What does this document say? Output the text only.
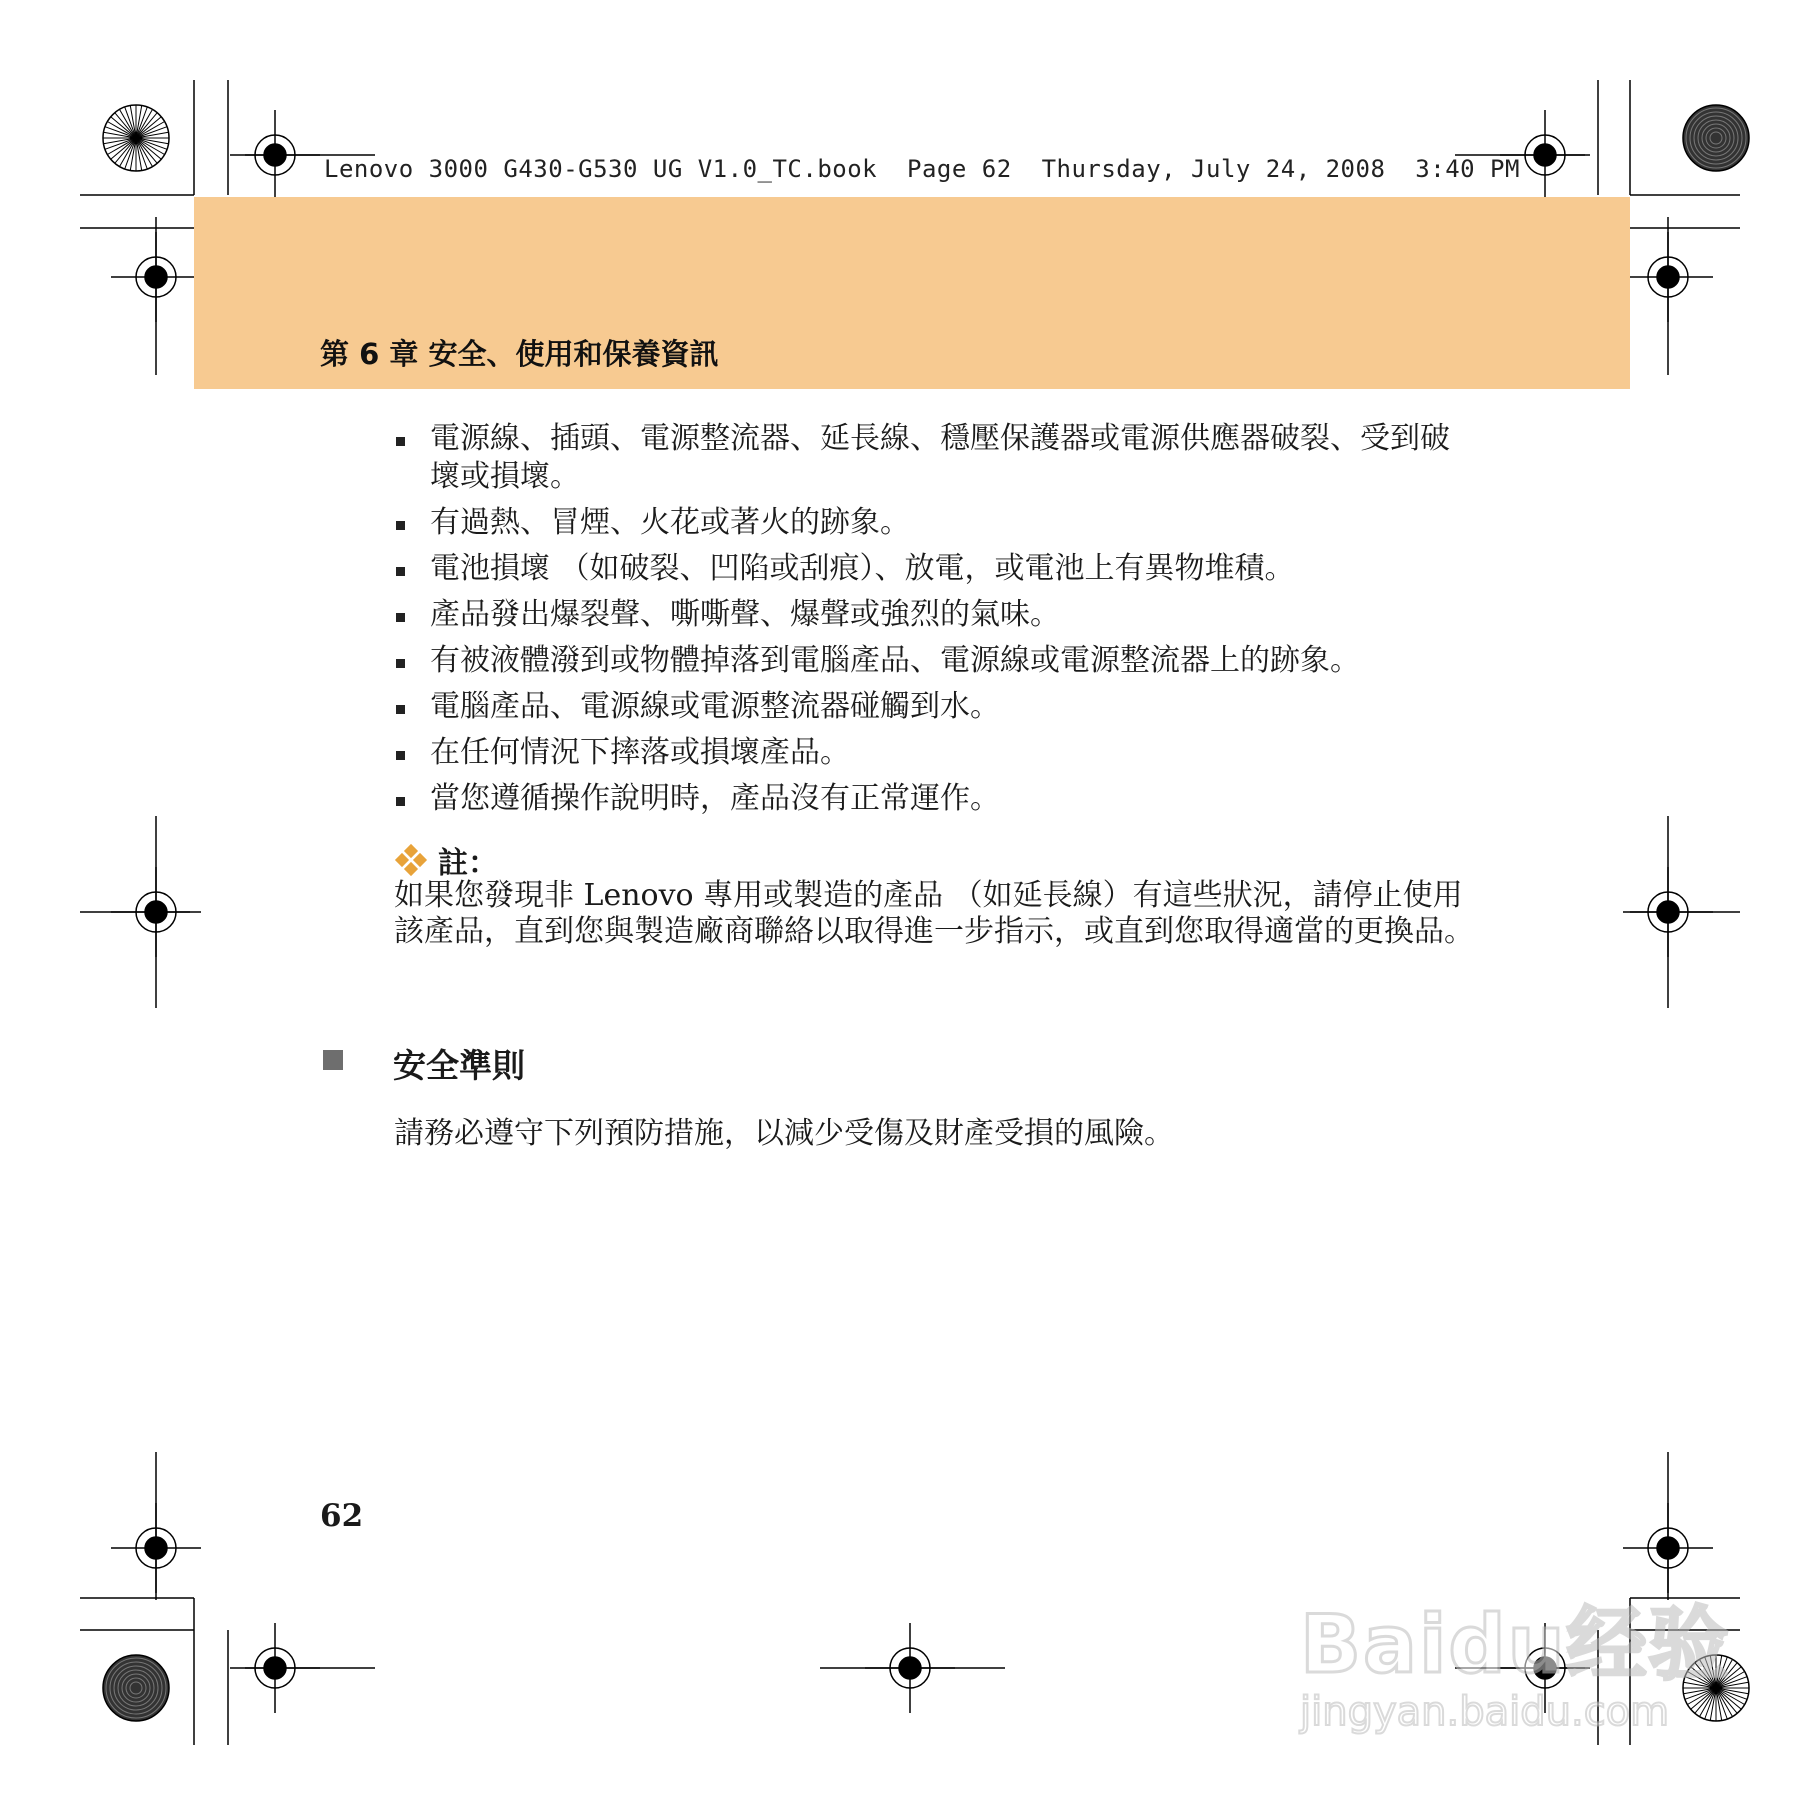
Lenovo 3000 G430-G530 UG V1.0_TC.book  Page 62  Thursday, July 24, 2008  3:40 PM
第 6 章 安全、使用和保養資訊
電源線、插頭、電源整流器、延長線、穩壓保護器或電源供應器破裂、受到破壞或損壞。
有過熱、冒煙、火花或著火的跡象。
電池損壞 （如破裂、凹陷或刮痕）、放電，或電池上有異物堆積。
產品發出爆裂聲、嘶嘶聲、爆聲或強烈的氣味。
有被液體潑到或物體掉落到電腦產品、電源線或電源整流器上的跡象。
電腦產品、電源線或電源整流器碰觸到水。
在任何情況下摔落或損壞產品。
當您遵循操作說明時，產品沒有正常運作。
註：
如果您發現非 Lenovo 專用或製造的產品 （如延長線）有這些狀況，請停止使用該產品，直到您與製造廠商聯絡以取得進一步指示，或直到您取得適當的更換品。
安全準則
請務必遵守下列預防措施，以減少受傷及財產受損的風險。
62
Baidu经验
jingyan.baidu.com
